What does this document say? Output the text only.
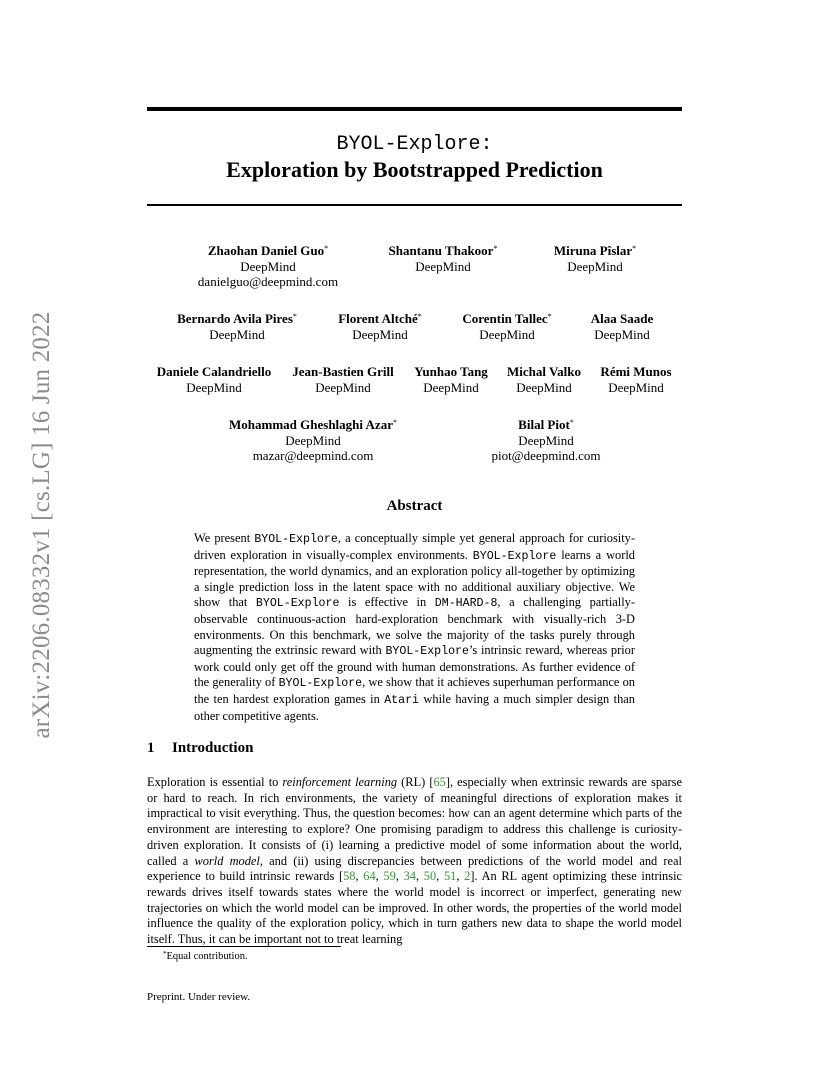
arXiv:2206.08332v1 [cs.LG] 16 Jun 2022
BYOL-Explore:
Exploration by Bootstrapped Prediction
Zhaohan Daniel Guo*
DeepMind
danielguo@deepmind.com
Shantanu Thakoor*
DeepMind
Miruna Pîslar*
DeepMind
Bernardo Avila Pires*
DeepMind
Florent Altché*
DeepMind
Corentin Tallec*
DeepMind
Alaa Saade
DeepMind
Daniele Calandriello
DeepMind
Jean-Bastien Grill
DeepMind
Yunhao Tang
DeepMind
Michal Valko
DeepMind
Rémi Munos
DeepMind
Mohammad Gheshlaghi Azar*
DeepMind
mazar@deepmind.com
Bilal Piot*
DeepMind
piot@deepmind.com
Abstract

We present BYOL-Explore, a conceptually simple yet general approach for curiosity-driven exploration in visually-complex environments. BYOL-Explore learns a world representation, the world dynamics, and an exploration policy all-together by optimizing a single prediction loss in the latent space with no additional auxiliary objective. We show that BYOL-Explore is effective in DM-HARD-8, a challenging partially-observable continuous-action hard-exploration benchmark with visually-rich 3-D environments. On this benchmark, we solve the majority of the tasks purely through augmenting the extrinsic reward with BYOL-Explore’s intrinsic reward, whereas prior work could only get off the ground with human demonstrations. As further evidence of the generality of BYOL-Explore, we show that it achieves superhuman performance on the ten hardest exploration games in Atari while having a much simpler design than other competitive agents.

1 Introduction

Exploration is essential to reinforcement learning (RL) [65], especially when extrinsic rewards are sparse or hard to reach. In rich environments, the variety of meaningful directions of exploration makes it impractical to visit everything. Thus, the question becomes: how can an agent determine which parts of the environment are interesting to explore? One promising paradigm to address this challenge is curiosity-driven exploration. It consists of (i) learning a predictive model of some information about the world, called a world model, and (ii) using discrepancies between predictions of the world model and real experience to build intrinsic rewards [58, 64, 59, 34, 50, 51, 2]. An RL agent optimizing these intrinsic rewards drives itself towards states where the world model is incorrect or imperfect, generating new trajectories on which the world model can be improved. In other words, the properties of the world model influence the quality of the exploration policy, which in turn gathers new data to shape the world model itself. Thus, it can be important not to treat learning

*Equal contribution.

Preprint. Under review.
